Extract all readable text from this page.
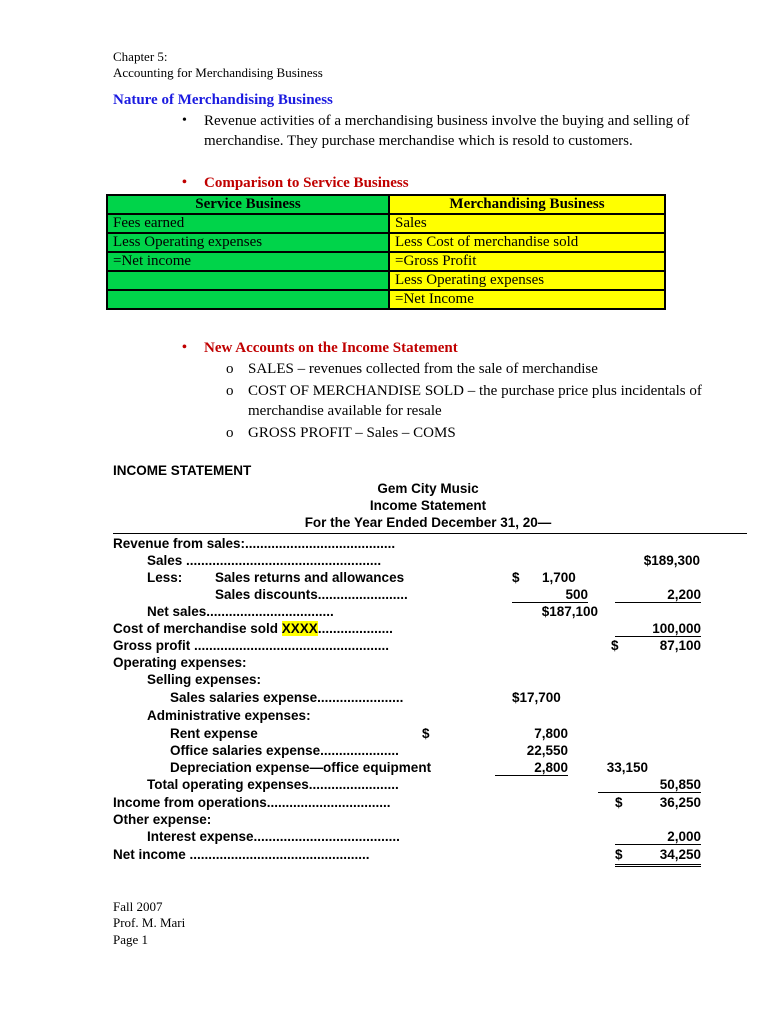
Chapter 5:
Accounting for Merchandising Business
Nature of Merchandising Business
• Revenue activities of a merchandising business involve the buying and selling of merchandise. They purchase merchandise which is resold to customers.
• Comparison to Service Business
Service Business	Merchandising Business
Fees earned	Sales
Less Operating expenses	Less Cost of merchandise sold
=Net income	=Gross Profit
	Less Operating expenses
	=Net Income
• New Accounts on the Income Statement
o SALES – revenues collected from the sale of merchandise
o COST OF MERCHANDISE SOLD – the purchase price plus incidentals of merchandise available for resale
o GROSS PROFIT – Sales – COMS
INCOME STATEMENT
Gem City Music
Income Statement
For the Year Ended December 31, 20—
Revenue from sales:........................................
Sales ....................................................	$189,300
Less: Sales returns and allowances	$      1,700
Sales discounts........................	500	2,200
Net sales..................................	$187,100
Cost of merchandise sold XXXX....................	100,000
Gross profit ....................................................	$	87,100
Operating expenses:
Selling expenses:
Sales salaries expense.......................	$17,700
Administrative expenses:
Rent expense	$	7,800
Office salaries expense.....................	22,550
Depreciation expense—office equipment	2,800	33,150
Total operating expenses........................	50,850
Income from operations.................................	$	36,250
Other expense:
Interest expense.......................................	2,000
Net income ................................................	$	34,250
Fall 2007
Prof. M. Mari
Page 1
